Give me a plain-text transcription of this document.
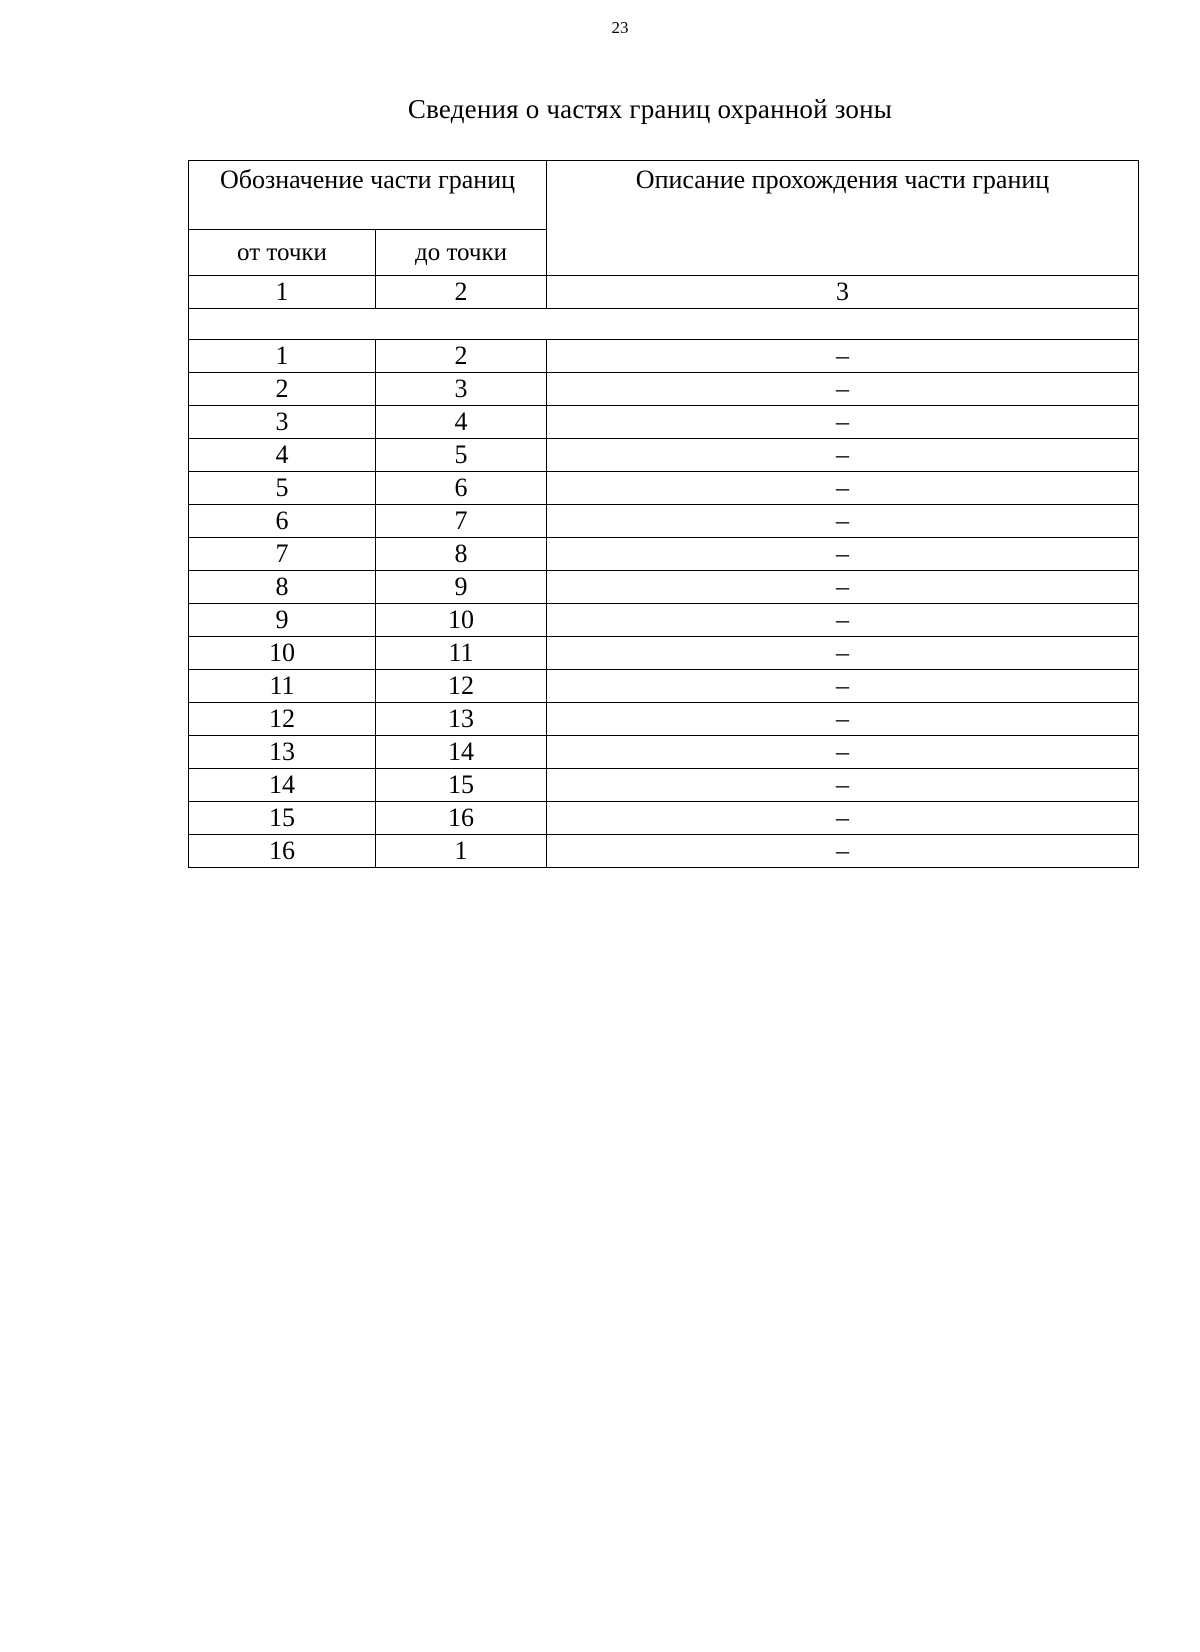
23
Сведения о частях границ охранной зоны
Обозначение части границ		Описание прохождения части границ

от точки	до точки	
1	2	3

1	2	–
2	3	–
3	4	–
4	5	–
5	6	–
6	7	–
7	8	–
8	9	–
9	10	–
10	11	–
11	12	–
12	13	–
13	14	–
14	15	–
15	16	–
16	1	–
